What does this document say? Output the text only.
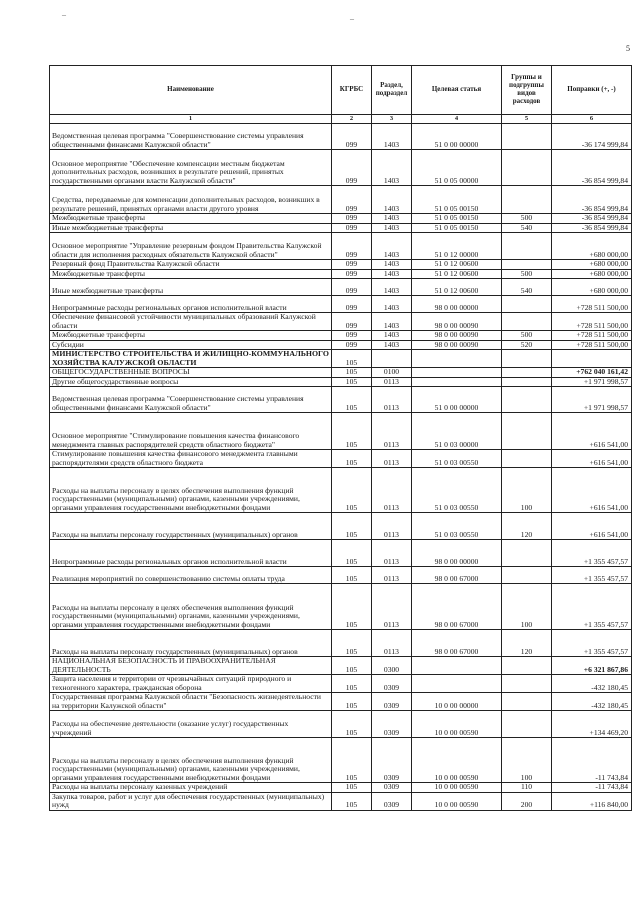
–	–
5
Наименование	КГРБС	Раздел, подраздел	Целевая статья	Группы и подгруппы видов расходов	Поправки (+, -)
1	2	3	4	5	6
Ведомственная целевая программа "Совершенствование системы управления общественными финансами Калужской области"	099	1403	51 0 00 00000		-36 174 999,84
Основное мероприятие "Обеспечение компенсации местным бюджетам дополнительных расходов, возникших в результате решений, принятых государственными органами власти Калужской области"	099	1403	51 0 05 00000		-36 854 999,84
Средства, передаваемые для компенсации дополнительных расходов, возникших в результате решений, принятых органами власти другого уровня	099	1403	51 0 05 00150		-36 854 999,84
Межбюджетные трансферты	099	1403	51 0 05 00150	500	-36 854 999,84
Иные межбюджетные трансферты	099	1403	51 0 05 00150	540	-36 854 999,84
Основное мероприятие "Управление резервным фондом Правительства Калужской области для исполнения расходных обязательств Калужской области"	099	1403	51 0 12 00000		+680 000,00
Резервный фонд Правительства Калужской области	099	1403	51 0 12 00600		+680 000,00
Межбюджетные трансферты	099	1403	51 0 12 00600	500	+680 000,00
Иные межбюджетные трансферты	099	1403	51 0 12 00600	540	+680 000,00
Непрограммные расходы региональных органов исполнительной власти	099	1403	98 0 00 00000		+728 511 500,00
Обеспечение финансовой устойчивости муниципальных образований Калужской области	099	1403	98 0 00 00090		+728 511 500,00
Межбюджетные трансферты	099	1403	98 0 00 00090	500	+728 511 500,00
Субсидии	099	1403	98 0 00 00090	520	+728 511 500,00
МИНИСТЕРСТВО СТРОИТЕЛЬСТВА И ЖИЛИЩНО-КОММУНАЛЬНОГО ХОЗЯЙСТВА КАЛУЖСКОЙ ОБЛАСТИ	105				
ОБЩЕГОСУДАРСТВЕННЫЕ ВОПРОСЫ	105	0100			+762 040 161,42
Другие общегосударственные вопросы	105	0113			+1 971 998,57
Ведомственная целевая программа "Совершенствование системы управления общественными финансами Калужской области"	105	0113	51 0 00 00000		+1 971 998,57
Основное мероприятие "Стимулирование повышения качества финансового менеджмента главных распорядителей средств областного бюджета"	105	0113	51 0 03 00000		+616 541,00
Стимулирование повышения качества финансового менеджмента главными распорядителями средств областного бюджета	105	0113	51 0 03 00550		+616 541,00
Расходы на выплаты персоналу в целях обеспечения выполнения функций государственными (муниципальными) органами, казенными учреждениями, органами управления государственными внебюджетными фондами	105	0113	51 0 03 00550	100	+616 541,00
Расходы на выплаты персоналу государственных (муниципальных) органов	105	0113	51 0 03 00550	120	+616 541,00
Непрограммные расходы региональных органов исполнительной власти	105	0113	98 0 00 00000		+1 355 457,57
Реализация мероприятий по совершенствованию системы оплаты труда	105	0113	98 0 00 67000		+1 355 457,57
Расходы на выплаты персоналу в целях обеспечения выполнения функций государственными (муниципальными) органами, казенными учреждениями, органами управления государственными внебюджетными фондами	105	0113	98 0 00 67000	100	+1 355 457,57
Расходы на выплаты персоналу государственных (муниципальных) органов	105	0113	98 0 00 67000	120	+1 355 457,57
НАЦИОНАЛЬНАЯ БЕЗОПАСНОСТЬ И ПРАВООХРАНИТЕЛЬНАЯ ДЕЯТЕЛЬНОСТЬ	105	0300			+6 321 867,86
Защита населения и территории от чрезвычайных ситуаций природного и техногенного характера, гражданская оборона	105	0309			-432 180,45
Государственная программа Калужской области "Безопасность жизнедеятельности на территории Калужской области"	105	0309	10 0 00 00000		-432 180,45
Расходы на обеспечение деятельности (оказание услуг) государственных учреждений	105	0309	10 0 00 00590		+134 469,20
Расходы на выплаты персоналу в целях обеспечения выполнения функций государственными (муниципальными) органами, казенными учреждениями, органами управления государственными внебюджетными фондами	105	0309	10 0 00 00590	100	-11 743,84
Расходы на выплаты персоналу казенных учреждений	105	0309	10 0 00 00590	110	-11 743,84
Закупка товаров, работ и услуг для обеспечения государственных (муниципальных) нужд	105	0309	10 0 00 00590	200	+116 840,00
